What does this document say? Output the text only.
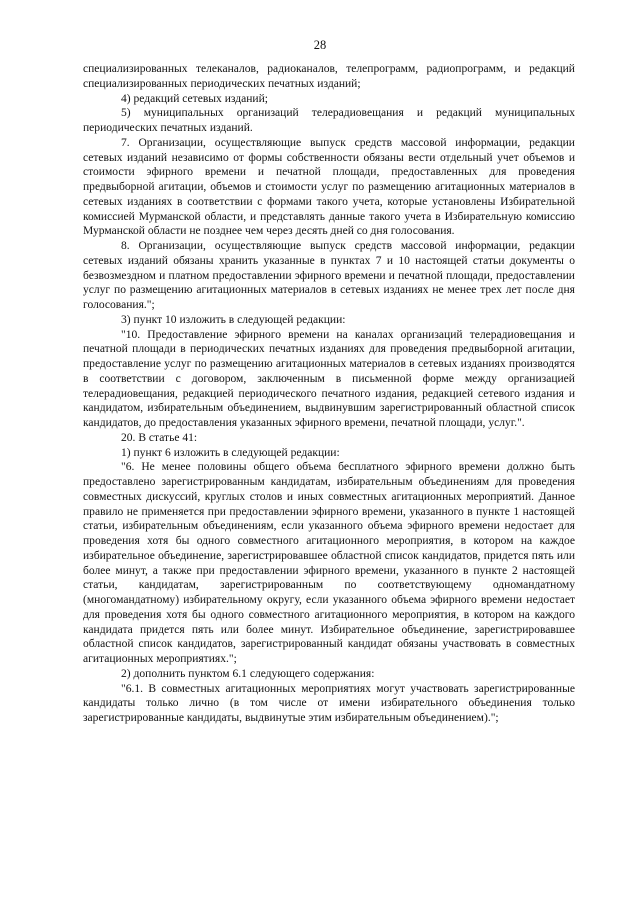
28

специализированных телеканалов, радиоканалов, телепрограмм, радиопрограмм, и редакций специализированных периодических печатных изданий;

4) редакций сетевых изданий;

5) муниципальных организаций телерадиовещания и редакций муниципальных периодических печатных изданий.

7. Организации, осуществляющие выпуск средств массовой информации, редакции сетевых изданий независимо от формы собственности обязаны вести отдельный учет объемов и стоимости эфирного времени и печатной площади, предоставленных для проведения предвыборной агитации, объемов и стоимости услуг по размещению агитационных материалов в сетевых изданиях в соответствии с формами такого учета, которые установлены Избирательной комиссией Мурманской области, и представлять данные такого учета в Избирательную комиссию Мурманской области не позднее чем через десять дней со дня голосования.

8. Организации, осуществляющие выпуск средств массовой информации, редакции сетевых изданий обязаны хранить указанные в пунктах 7 и 10 настоящей статьи документы о безвозмездном и платном предоставлении эфирного времени и печатной площади, предоставлении услуг по размещению агитационных материалов в сетевых изданиях не менее трех лет после дня голосования.";

3) пункт 10 изложить в следующей редакции:

"10. Предоставление эфирного времени на каналах организаций телерадиовещания и печатной площади в периодических печатных изданиях для проведения предвыборной агитации, предоставление услуг по размещению агитационных материалов в сетевых изданиях производятся в соответствии с договором, заключенным в письменной форме между организацией телерадиовещания, редакцией периодического печатного издания, редакцией сетевого издания и кандидатом, избирательным объединением, выдвинувшим зарегистрированный областной список кандидатов, до предоставления указанных эфирного времени, печатной площади, услуг.".

20. В статье 41:

1) пункт 6 изложить в следующей редакции:

"6. Не менее половины общего объема бесплатного эфирного времени должно быть предоставлено зарегистрированным кандидатам, избирательным объединениям для проведения совместных дискуссий, круглых столов и иных совместных агитационных мероприятий. Данное правило не применяется при предоставлении эфирного времени, указанного в пункте 1 настоящей статьи, избирательным объединениям, если указанного объема эфирного времени недостает для проведения хотя бы одного совместного агитационного мероприятия, в котором на каждое избирательное объединение, зарегистрировавшее областной список кандидатов, придется пять или более минут, а также при предоставлении эфирного времени, указанного в пункте 2 настоящей статьи, кандидатам, зарегистрированным по соответствующему одномандатному (многомандатному) избирательному округу, если указанного объема эфирного времени недостает для проведения хотя бы одного совместного агитационного мероприятия, в котором на каждого кандидата придется пять или более минут. Избирательное объединение, зарегистрировавшее областной список кандидатов, зарегистрированный кандидат обязаны участвовать в совместных агитационных мероприятиях.";

2) дополнить пунктом 6.1 следующего содержания:

"6.1. В совместных агитационных мероприятиях могут участвовать зарегистрированные кандидаты только лично (в том числе от имени избирательного объединения только зарегистрированные кандидаты, выдвинутые этим избирательным объединением).";
